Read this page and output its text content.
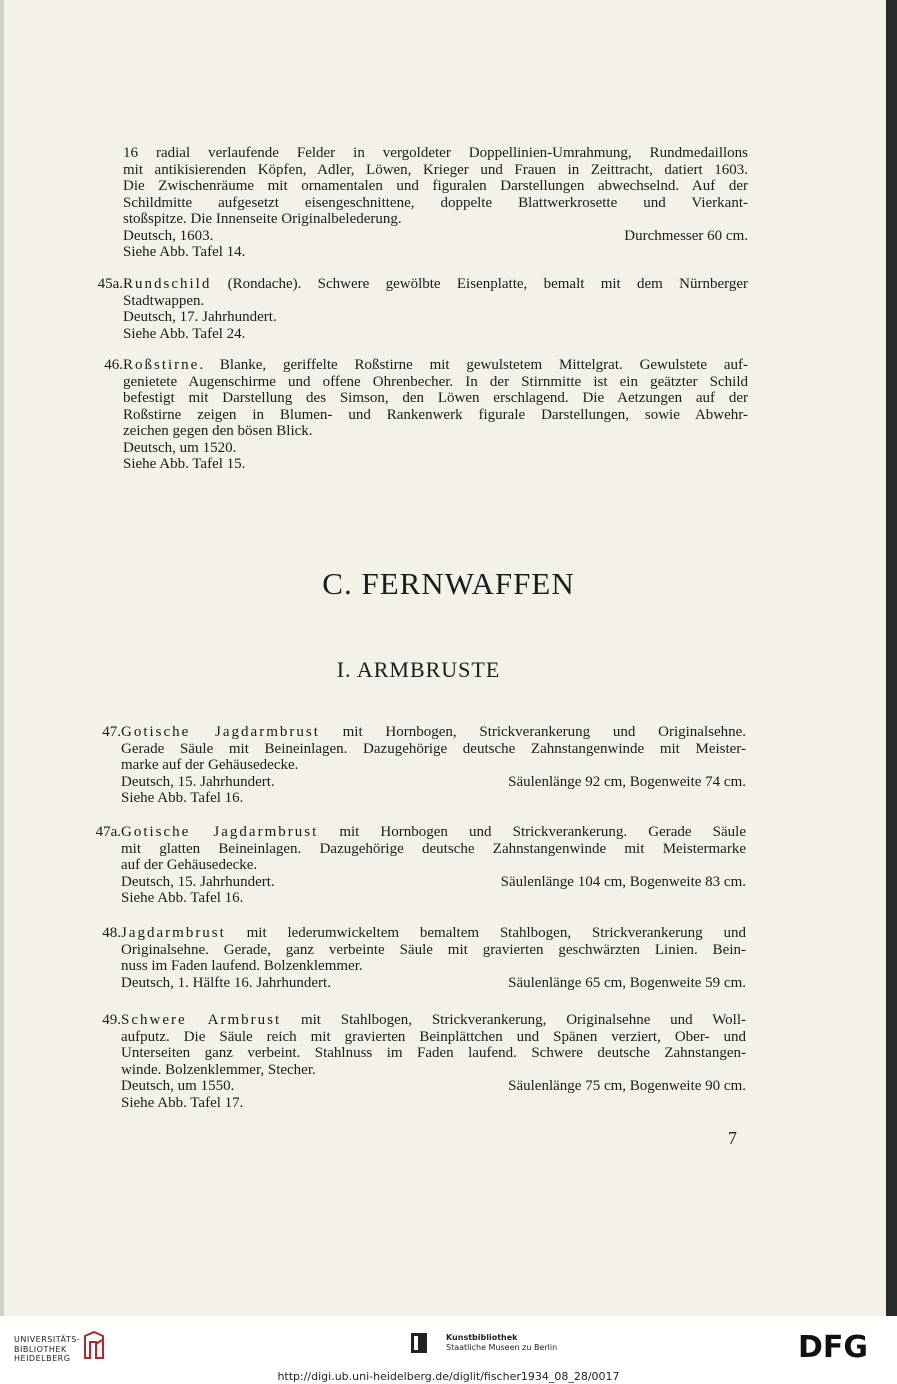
16 radial verlaufende Felder in vergoldeter Doppellinien-Umrahmung, Rundmedaillons
mit antikisierenden Köpfen, Adler, Löwen, Krieger und Frauen in Zeittracht, datiert 1603.
Die Zwischenräume mit ornamentalen und figuralen Darstellungen abwechselnd. Auf der
Schildmitte aufgesetzt eisengeschnittene, doppelte Blattwerkrosette und Vierkant-
stoßspitze. Die Innenseite Originalbelederung.
Deutsch, 1603.	Durchmesser 60 cm.
Siehe Abb. Tafel 14.
45a. Rundschild (Rondache). Schwere gewölbte Eisenplatte, bemalt mit dem Nürnberger
Stadtwappen.
Deutsch, 17. Jahrhundert.
Siehe Abb. Tafel 24.
46. Roßstirne. Blanke, geriffelte Roßstirne mit gewulstetem Mittelgrat. Gewulstete auf-
genietete Augenschirme und offene Ohrenbecher. In der Stirnmitte ist ein geätzter Schild
befestigt mit Darstellung des Simson, den Löwen erschlagend. Die Aetzungen auf der
Roßstirne zeigen in Blumen- und Rankenwerk figurale Darstellungen, sowie Abwehr-
zeichen gegen den bösen Blick.
Deutsch, um 1520.
Siehe Abb. Tafel 15.
C. FERNWAFFEN
I. ARMBRUSTE
47. Gotische Jagdarmbrust mit Hornbogen, Strickverankerung und Originalsehne.
Gerade Säule mit Beineinlagen. Dazugehörige deutsche Zahnstangenwinde mit Meister-
marke auf der Gehäusedecke.
Deutsch, 15. Jahrhundert.	Säulenlänge 92 cm, Bogenweite 74 cm.
Siehe Abb. Tafel 16.
47a. Gotische Jagdarmbrust mit Hornbogen und Strickverankerung. Gerade Säule
mit glatten Beineinlagen. Dazugehörige deutsche Zahnstangenwinde mit Meistermarke
auf der Gehäusedecke.
Deutsch, 15. Jahrhundert.	Säulenlänge 104 cm, Bogenweite 83 cm.
Siehe Abb. Tafel 16.
48. Jagdarmbrust mit lederumwickeltem bemaltem Stahlbogen, Strickverankerung und
Originalsehne. Gerade, ganz verbeinte Säule mit gravierten geschwärzten Linien. Bein-
nuss im Faden laufend. Bolzenklemmer.
Deutsch, 1. Hälfte 16. Jahrhundert.	Säulenlänge 65 cm, Bogenweite 59 cm.
49. Schwere Armbrust mit Stahlbogen, Strickverankerung, Originalsehne und Woll-
aufputz. Die Säule reich mit gravierten Beinplättchen und Spänen verziert, Ober- und
Unterseiten ganz verbeint. Stahlnuss im Faden laufend. Schwere deutsche Zahnstangen-
winde. Bolzenklemmer, Stecher.
Deutsch, um 1550.	Säulenlänge 75 cm, Bogenweite 90 cm.
Siehe Abb. Tafel 17.
7
UNIVERSITÄTS-
BIBLIOTHEK
HEIDELBERG
Kunstbibliothek
Staatliche Museen zu Berlin	DFG
http://digi.ub.uni-heidelberg.de/diglit/fischer1934_08_28/0017
